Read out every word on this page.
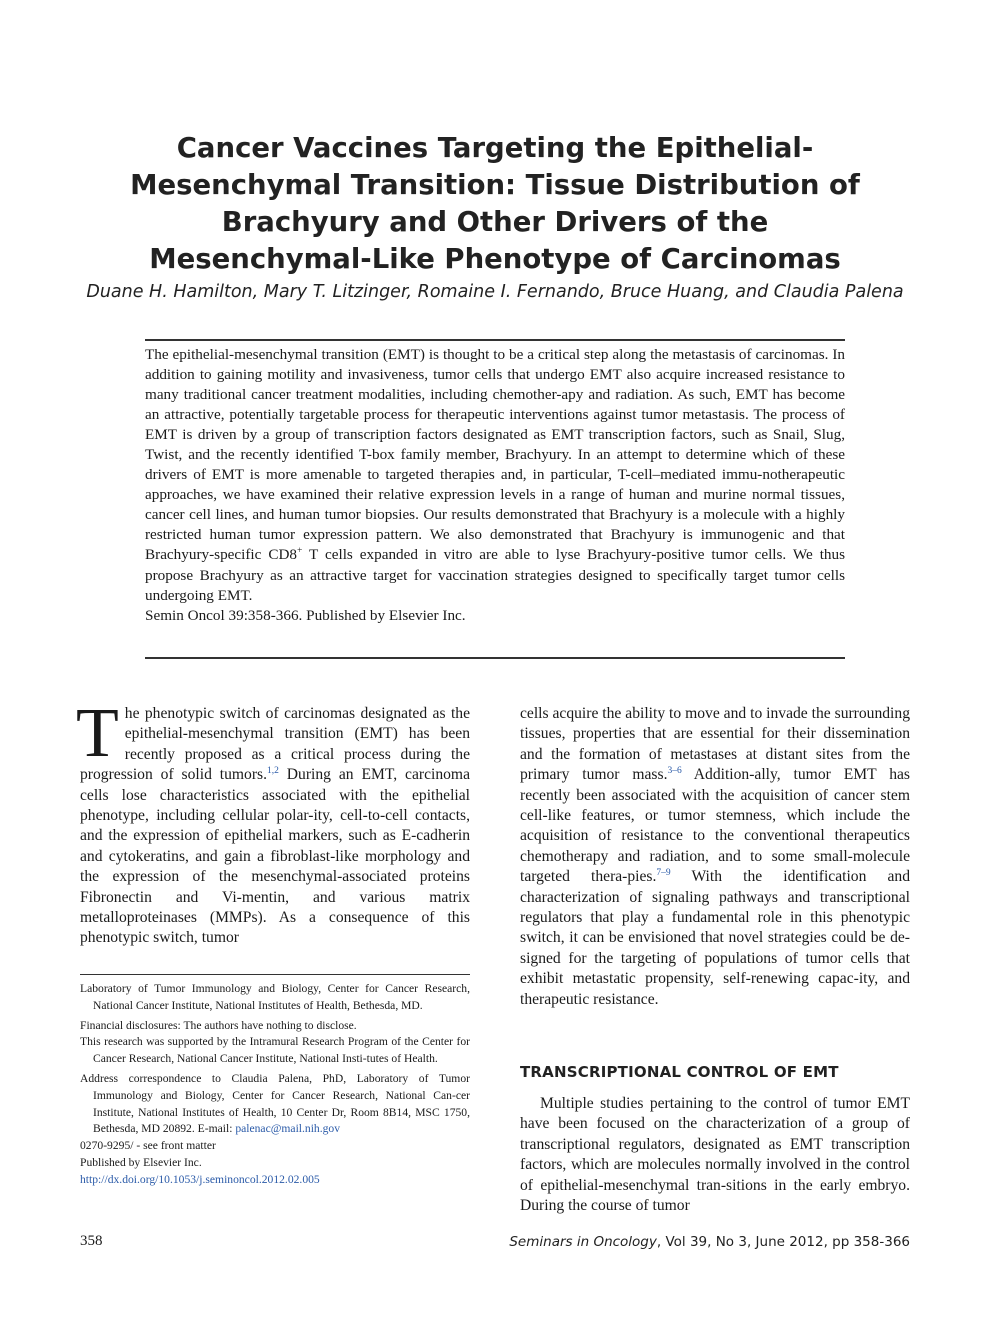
Cancer Vaccines Targeting the Epithelial-
Mesenchymal Transition: Tissue Distribution of
Brachyury and Other Drivers of the
Mesenchymal-Like Phenotype of Carcinomas
Duane H. Hamilton, Mary T. Litzinger, Romaine I. Fernando, Bruce Huang, and Claudia Palena

The epithelial-mesenchymal transition (EMT) is thought to be a critical step along the metastasis of carcinomas. In addition to gaining motility and invasiveness, tumor cells that undergo EMT also acquire increased resistance to many traditional cancer treatment modalities, including chemother-apy and radiation. As such, EMT has become an attractive, potentially targetable process for therapeutic interventions against tumor metastasis. The process of EMT is driven by a group of transcription factors designated as EMT transcription factors, such as Snail, Slug, Twist, and the recently identified T-box family member, Brachyury. In an attempt to determine which of these drivers of EMT is more amenable to targeted therapies and, in particular, T-cell–mediated immu-notherapeutic approaches, we have examined their relative expression levels in a range of human and murine normal tissues, cancer cell lines, and human tumor biopsies. Our results demonstrated that Brachyury is a molecule with a highly restricted human tumor expression pattern. We also demonstrated that Brachyury is immunogenic and that Brachyury-specific CD8+ T cells expanded in vitro are able to lyse Brachyury-positive tumor cells. We thus propose Brachyury as an attractive target for vaccination strategies designed to specifically target tumor cells undergoing EMT.

Semin Oncol 39:358-366. Published by Elsevier Inc.

The phenotypic switch of carcinomas designated as the epithelial-mesenchymal transition (EMT) has been recently proposed as a critical process during the progression of solid tumors.$^{1,2}$ During an EMT, carcinoma cells lose characteristics associated with the epithelial phenotype, including cellular polar-ity, cell-to-cell contacts, and the expression of epithelial markers, such as E-cadherin and cytokeratins, and gain a fibroblast-like morphology and the expression of the mesenchymal-associated proteins Fibronectin and Vi-mentin, and various matrix metalloproteinases (MMPs). As a consequence of this phenotypic switch, tumor

Laboratory of Tumor Immunology and Biology, Center for Cancer Research, National Cancer Institute, National Institutes of Health, Bethesda, MD.

Financial disclosures: The authors have nothing to disclose.

This research was supported by the Intramural Research Program of the Center for Cancer Research, National Cancer Institute, National Insti-tutes of Health.

Address correspondence to Claudia Palena, PhD, Laboratory of Tumor Immunology and Biology, Center for Cancer Research, National Can-cer Institute, National Institutes of Health, 10 Center Dr, Room 8B14, MSC 1750, Bethesda, MD 20892. E-mail: palenac@mail.nih.gov

0270-9295/ - see front matter

Published by Elsevier Inc.

http://dx.doi.org/10.1053/j.seminoncol.2012.02.005

cells acquire the ability to move and to invade the surrounding tissues, properties that are essential for their dissemination and the formation of metastases at distant sites from the primary tumor mass.$^{3-6}$ Addition-ally, tumor EMT has recently been associated with the acquisition of cancer stem cell-like features, or tumor stemness, which include the acquisition of resistance to the conventional therapeutics chemotherapy and radiation, and to some small-molecule targeted thera-pies.$^{7-9}$ With the identification and characterization of signaling pathways and transcriptional regulators that play a fundamental role in this phenotypic switch, it can be envisioned that novel strategies could be de-signed for the targeting of populations of tumor cells that exhibit metastatic propensity, self-renewing capac-ity, and therapeutic resistance.

TRANSCRIPTIONAL CONTROL OF EMT

Multiple studies pertaining to the control of tumor EMT have been focused on the characterization of a group of transcriptional regulators, designated as EMT transcription factors, which are molecules normally involved in the control of epithelial-mesenchymal tran-sitions in the early embryo. During the course of tumor

358	Seminars in Oncology, Vol 39, No 3, June 2012, pp 358-366
